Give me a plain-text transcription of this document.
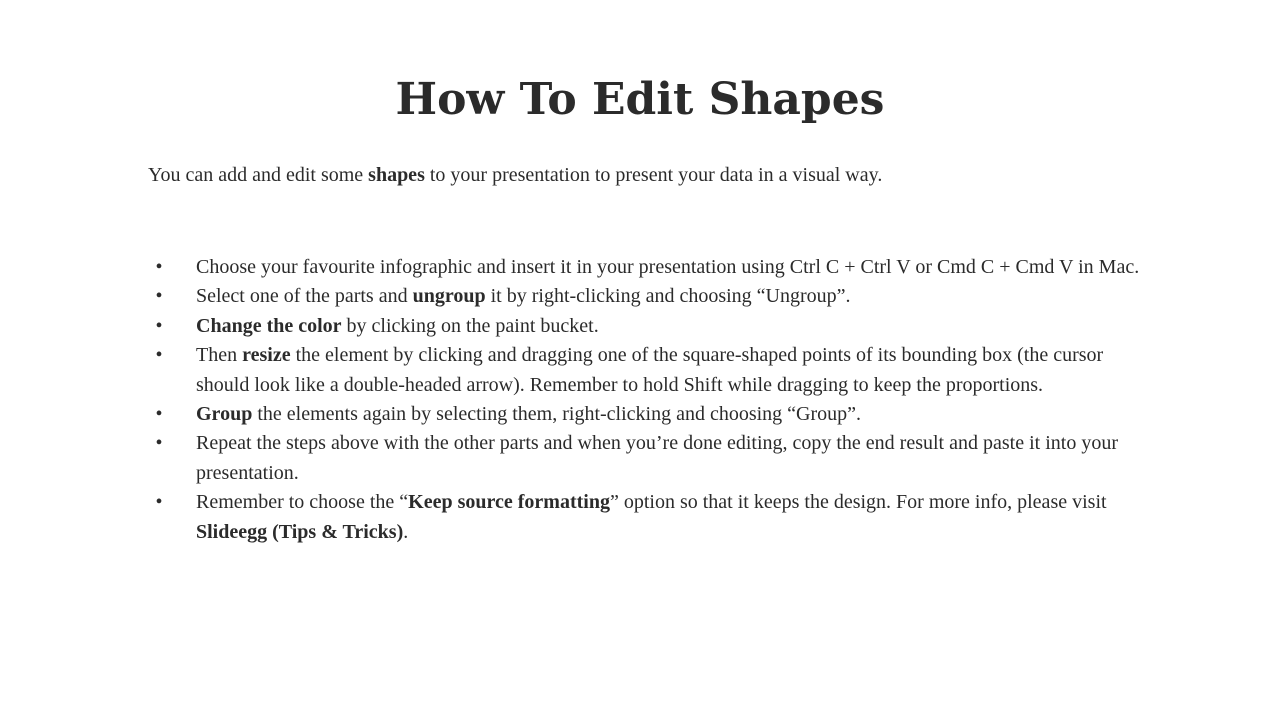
How To Edit Shapes

You can add and edit some shapes to your presentation to present your data in a visual way.

• Choose your favourite infographic and insert it in your presentation using Ctrl C + Ctrl V or Cmd C + Cmd V in Mac.
• Select one of the parts and ungroup it by right-clicking and choosing “Ungroup”.
• Change the color by clicking on the paint bucket.
• Then resize the element by clicking and dragging one of the square-shaped points of its bounding box (the cursor should look like a double-headed arrow). Remember to hold Shift while dragging to keep the proportions.
• Group the elements again by selecting them, right-clicking and choosing “Group”.
• Repeat the steps above with the other parts and when you’re done editing, copy the end result and paste it into your presentation.
• Remember to choose the “Keep source formatting” option so that it keeps the design. For more info, please visit Slideegg (Tips & Tricks).
